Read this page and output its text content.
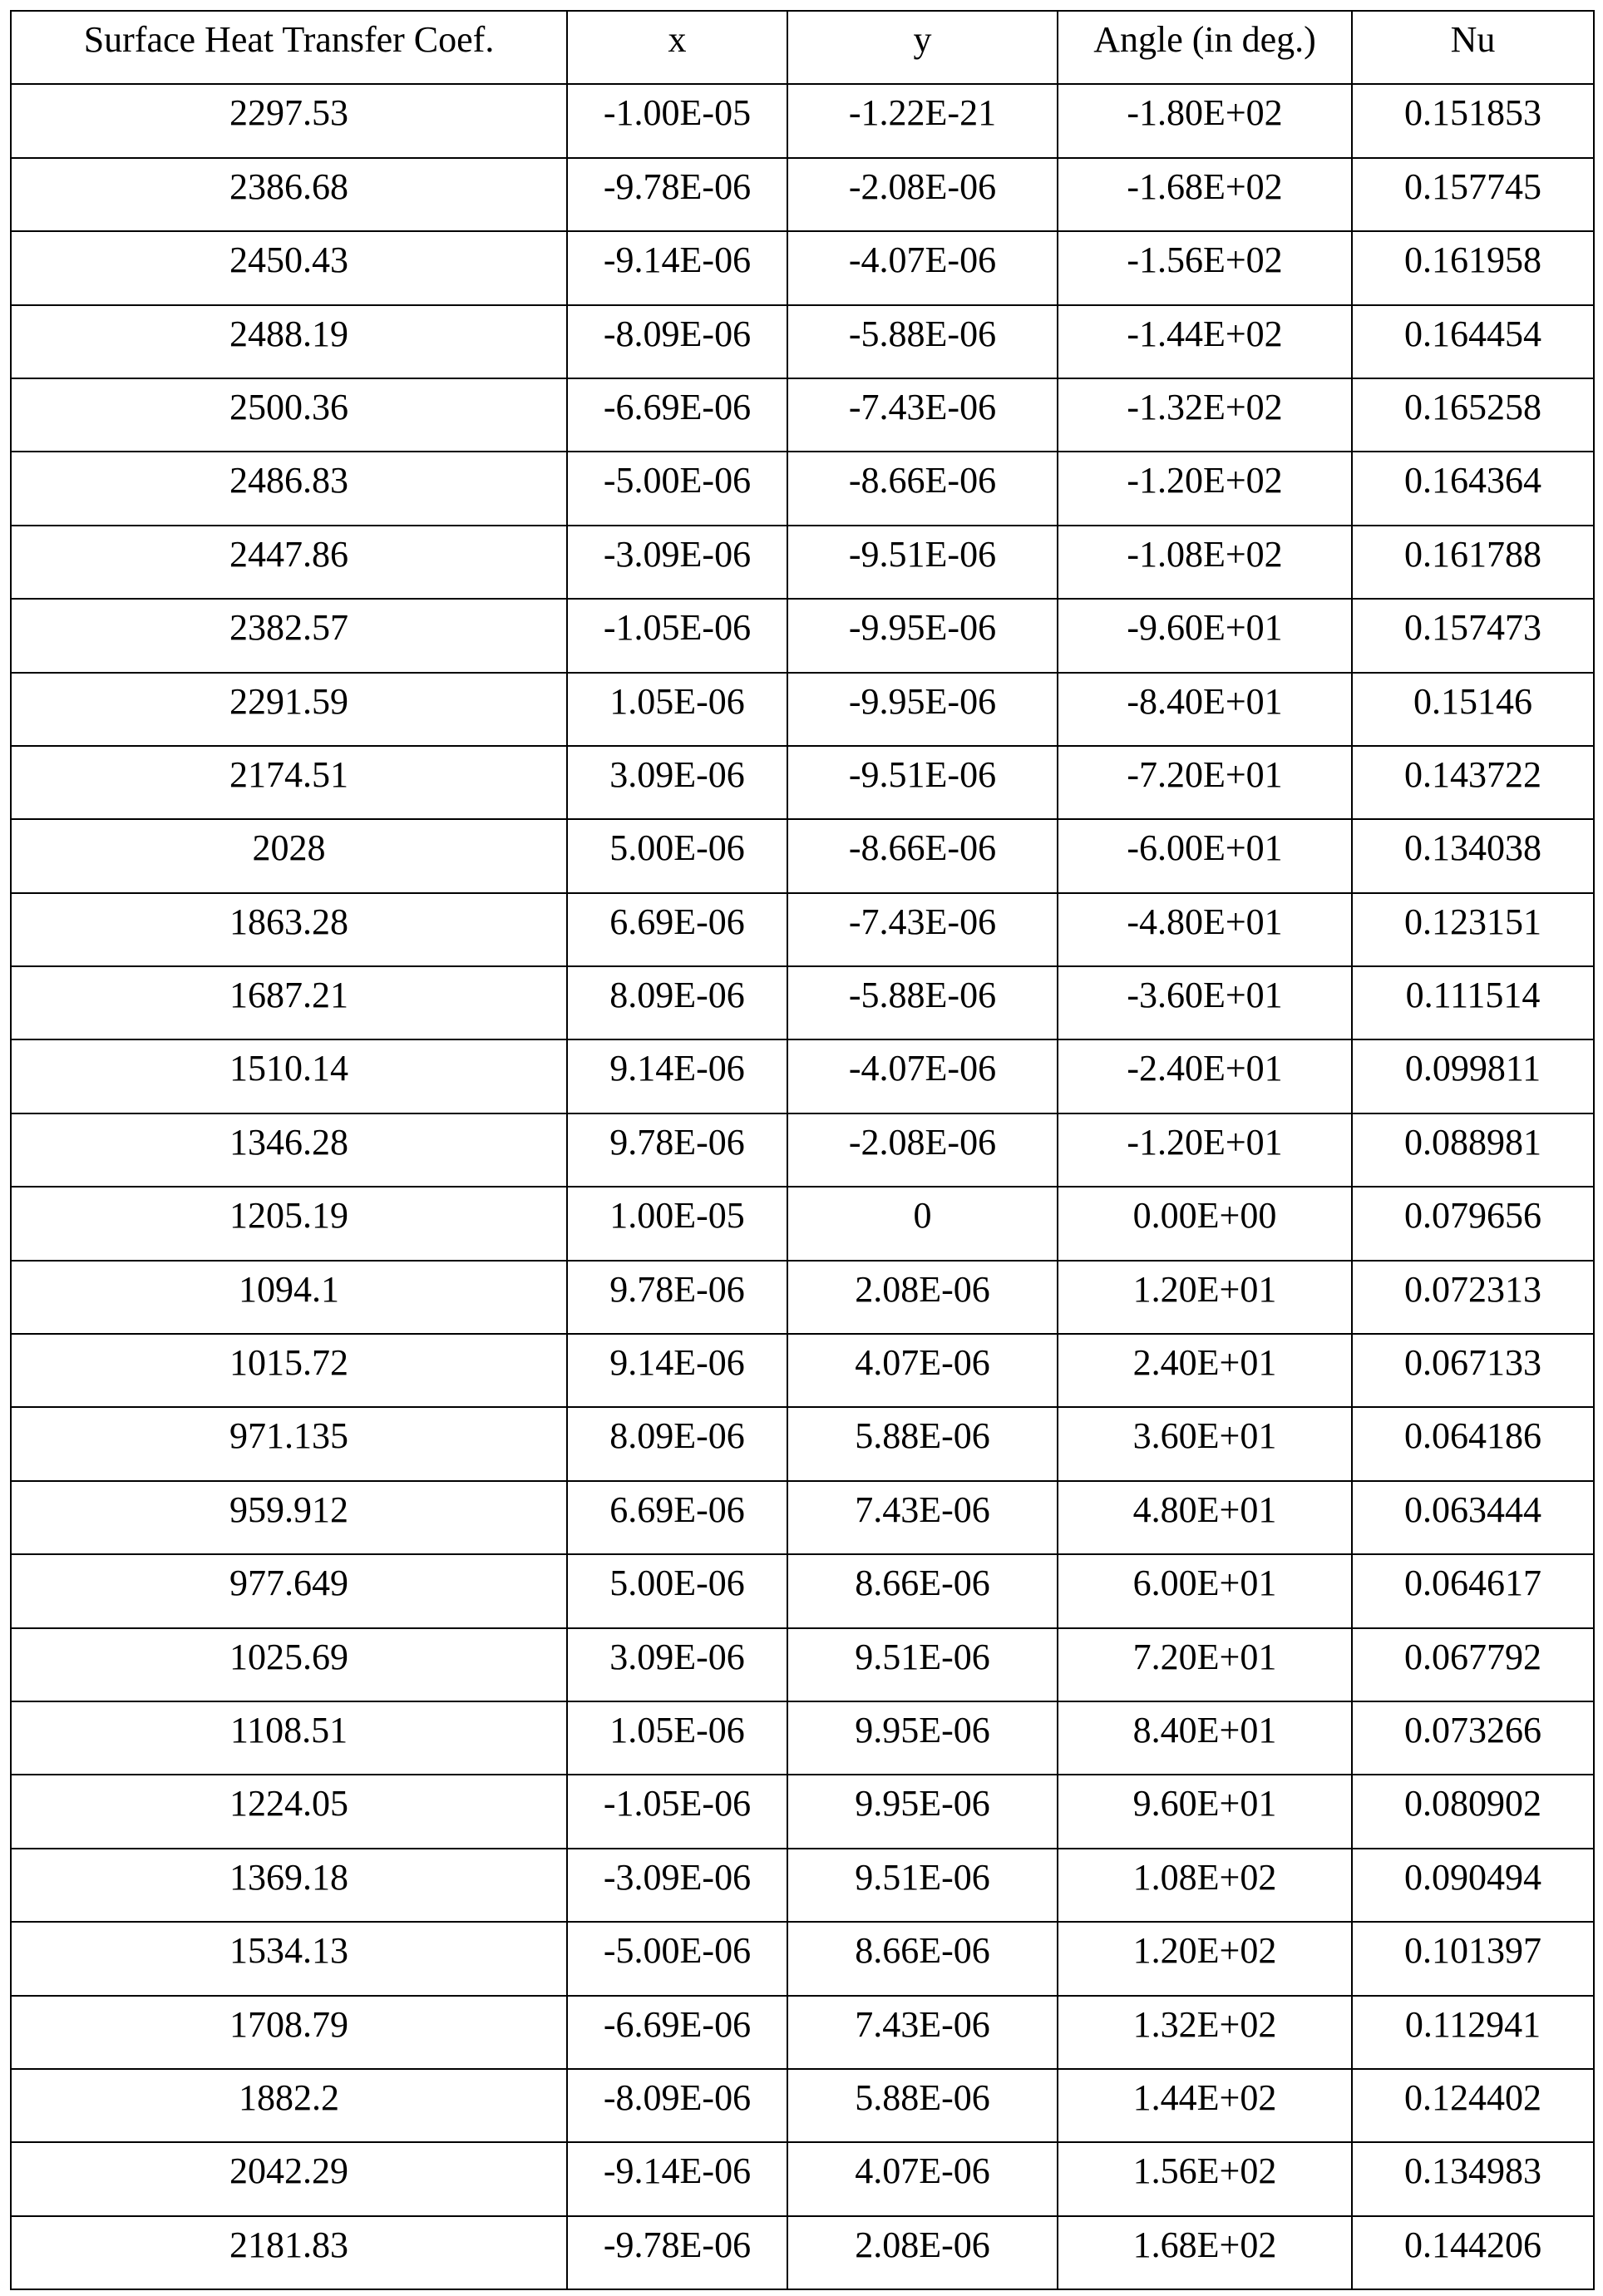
Surface Heat Transfer Coef.	x	y	Angle (in deg.)	Nu
2297.53	-1.00E-05	-1.22E-21	-1.80E+02	0.151853
2386.68	-9.78E-06	-2.08E-06	-1.68E+02	0.157745
2450.43	-9.14E-06	-4.07E-06	-1.56E+02	0.161958
2488.19	-8.09E-06	-5.88E-06	-1.44E+02	0.164454
2500.36	-6.69E-06	-7.43E-06	-1.32E+02	0.165258
2486.83	-5.00E-06	-8.66E-06	-1.20E+02	0.164364
2447.86	-3.09E-06	-9.51E-06	-1.08E+02	0.161788
2382.57	-1.05E-06	-9.95E-06	-9.60E+01	0.157473
2291.59	1.05E-06	-9.95E-06	-8.40E+01	0.15146
2174.51	3.09E-06	-9.51E-06	-7.20E+01	0.143722
2028	5.00E-06	-8.66E-06	-6.00E+01	0.134038
1863.28	6.69E-06	-7.43E-06	-4.80E+01	0.123151
1687.21	8.09E-06	-5.88E-06	-3.60E+01	0.111514
1510.14	9.14E-06	-4.07E-06	-2.40E+01	0.099811
1346.28	9.78E-06	-2.08E-06	-1.20E+01	0.088981
1205.19	1.00E-05	0	0.00E+00	0.079656
1094.1	9.78E-06	2.08E-06	1.20E+01	0.072313
1015.72	9.14E-06	4.07E-06	2.40E+01	0.067133
971.135	8.09E-06	5.88E-06	3.60E+01	0.064186
959.912	6.69E-06	7.43E-06	4.80E+01	0.063444
977.649	5.00E-06	8.66E-06	6.00E+01	0.064617
1025.69	3.09E-06	9.51E-06	7.20E+01	0.067792
1108.51	1.05E-06	9.95E-06	8.40E+01	0.073266
1224.05	-1.05E-06	9.95E-06	9.60E+01	0.080902
1369.18	-3.09E-06	9.51E-06	1.08E+02	0.090494
1534.13	-5.00E-06	8.66E-06	1.20E+02	0.101397
1708.79	-6.69E-06	7.43E-06	1.32E+02	0.112941
1882.2	-8.09E-06	5.88E-06	1.44E+02	0.124402
2042.29	-9.14E-06	4.07E-06	1.56E+02	0.134983
2181.83	-9.78E-06	2.08E-06	1.68E+02	0.144206
